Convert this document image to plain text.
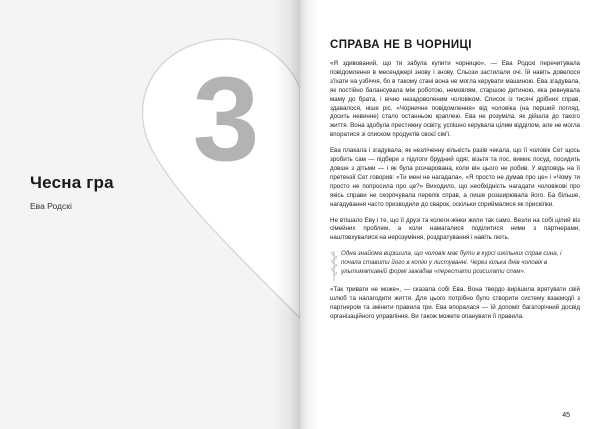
3
Чесна гра

Ева Родскі

СПРАВА НЕ В ЧОРНИЦІ

«Я здивований, що ти забула купити чорницю», — Ева Родскі перечитувала повідомлення в месенджері знову і знову. Сльози застилали очі. Їй навіть довелося з'їхати на узбіччя, бо в такому стані вона не могла керувати машиною. Ева згадувала, як постійно балансувала між роботою, немовлям, старшою дитиною, яка ревнувала маму до брата, і вічно незадоволеним чоловіком. Список із тисячі дрібних справ, здавалося, ніше ріс. «Чорничне повідомлення» від чоловіка (на перший погляд, досить невинне) стало останньою краплею. Ева не розуміла, як дійшла до такого життя. Вона здобула престижну освіту, успішно керувала цілим відділом, але не могла впоратися зі списком продуктів своєї сім'ї.

Ева плакала і згадувала, як незліченну кількість разів чекала, що її чоловік Сет щось зробить сам — підбере з підлоги брудний одяг, візьтя та пос, вимиє посуд, посидить довше з дітьми — і як була розчарована, коли він цього не робив. У відповідь на її претензії Сет говорив: «Ти мені не нагадала», «Я просто не думав про це» і «Чому ти просто не попросила про це?» Виходило, що необхідність нагадати чоловікові про якісь справи не скорочувала перелік справ, а лише розширювала його. Ба більше, нагадування часто призводили до сварок, оскільки сприймалися як прискіпки.

Не втішало Еву і те, що її друзі та колеги-жінки жили так само. Везли на собі цілий віз сімейних проблем, а коли намагалися поділитися ними з партнерами, наштовхувалися на нерозуміння, роздратування і навіть лють.

Одна знайома вирішила, що чоловік має бути в курсі шкільних справ сина, і почала ставити його в копію у листуванні. Через кілька днів чоловік в ультимативній формі зажадав «перестати розсилати спам».

«Так тривати не може», — сказала собі Ева. Вона твердо вирішила врятувати свій шлюб та налагодити життя. Для цього потрібно було створити систему взаємодії з партнером та змінити правила гри. Ева впоралася — їй допоміг багаторічний досвід організаційного управління. Ви також можете опанувати її правила.

45
